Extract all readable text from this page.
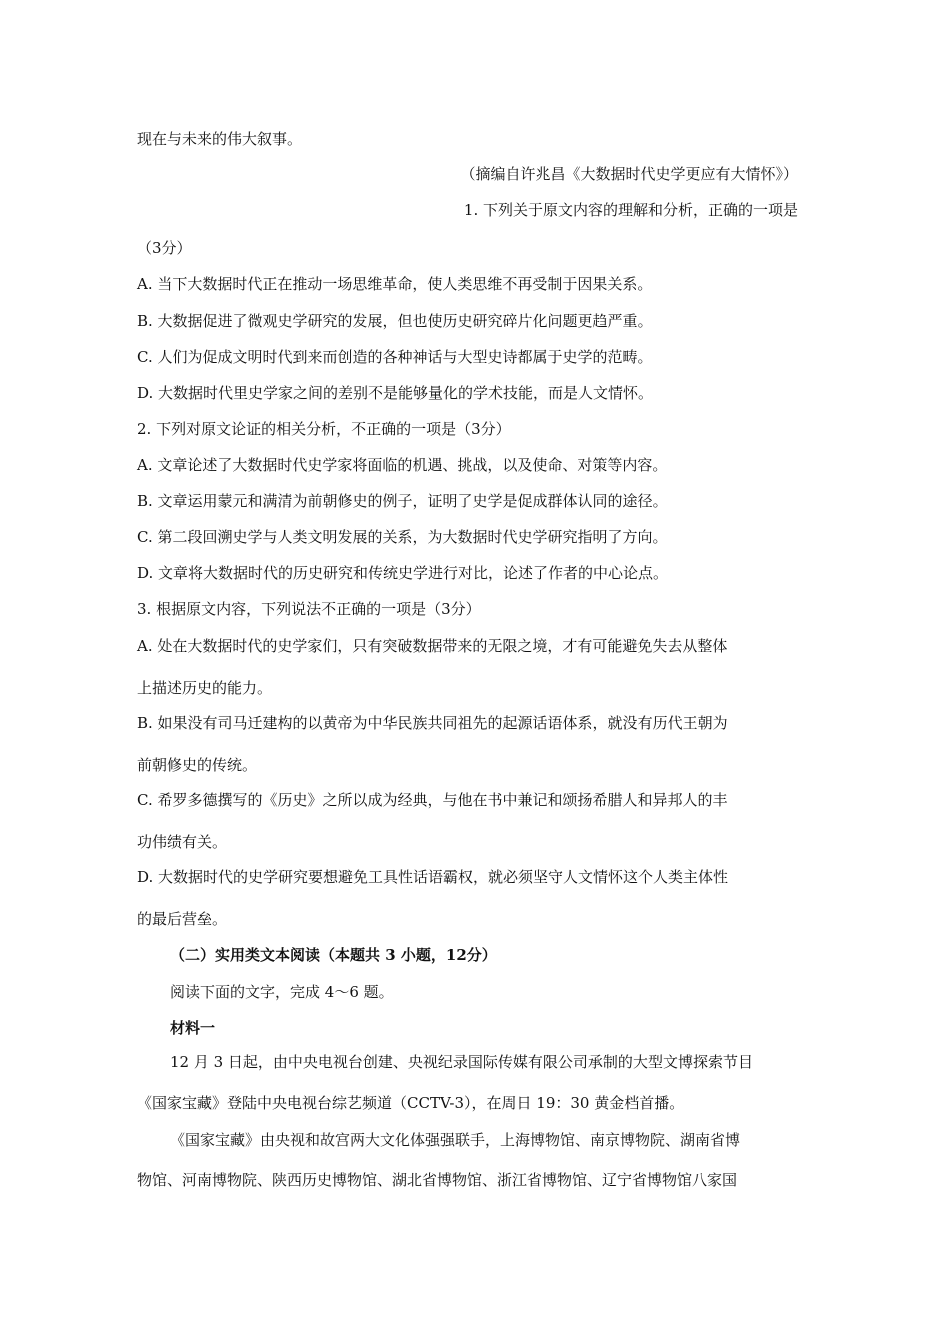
现在与未来的伟大叙事。
（摘编自许兆昌《大数据时代史学更应有大情怀》）
1. 下列关于原文内容的理解和分析，正确的一项是
（3分）
A. 当下大数据时代正在推动一场思维革命，使人类思维不再受制于因果关系。
B. 大数据促进了微观史学研究的发展，但也使历史研究碎片化问题更趋严重。
C. 人们为促成文明时代到来而创造的各种神话与大型史诗都属于史学的范畴。
D. 大数据时代里史学家之间的差别不是能够量化的学术技能，而是人文情怀。
2. 下列对原文论证的相关分析，不正确的一项是（3分）
A. 文章论述了大数据时代史学家将面临的机遇、挑战，以及使命、对策等内容。
B. 文章运用蒙元和满清为前朝修史的例子，证明了史学是促成群体认同的途径。
C. 第二段回溯史学与人类文明发展的关系，为大数据时代史学研究指明了方向。
D. 文章将大数据时代的历史研究和传统史学进行对比，论述了作者的中心论点。
3. 根据原文内容，下列说法不正确的一项是（3分）
A. 处在大数据时代的史学家们，只有突破数据带来的无限之境，才有可能避免失去从整体
上描述历史的能力。
B. 如果没有司马迁建构的以黄帝为中华民族共同祖先的起源话语体系，就没有历代王朝为
前朝修史的传统。
C. 希罗多德撰写的《历史》之所以成为经典，与他在书中兼记和颂扬希腊人和异邦人的丰
功伟绩有关。
D. 大数据时代的史学研究要想避免工具性话语霸权，就必须坚守人文情怀这个人类主体性
的最后营垒。
（二）实用类文本阅读（本题共 3 小题，12分）
阅读下面的文字，完成 4～6 题。
材料一
12 月 3 日起，由中央电视台创建、央视纪录国际传媒有限公司承制的大型文博探索节目
《国家宝藏》登陆中央电视台综艺频道（CCTV-3），在周日 19：30 黄金档首播。
《国家宝藏》由央视和故宫两大文化体强强联手，上海博物馆、南京博物院、湖南省博
物馆、河南博物院、陕西历史博物馆、湖北省博物馆、浙江省博物馆、辽宁省博物馆八家国
